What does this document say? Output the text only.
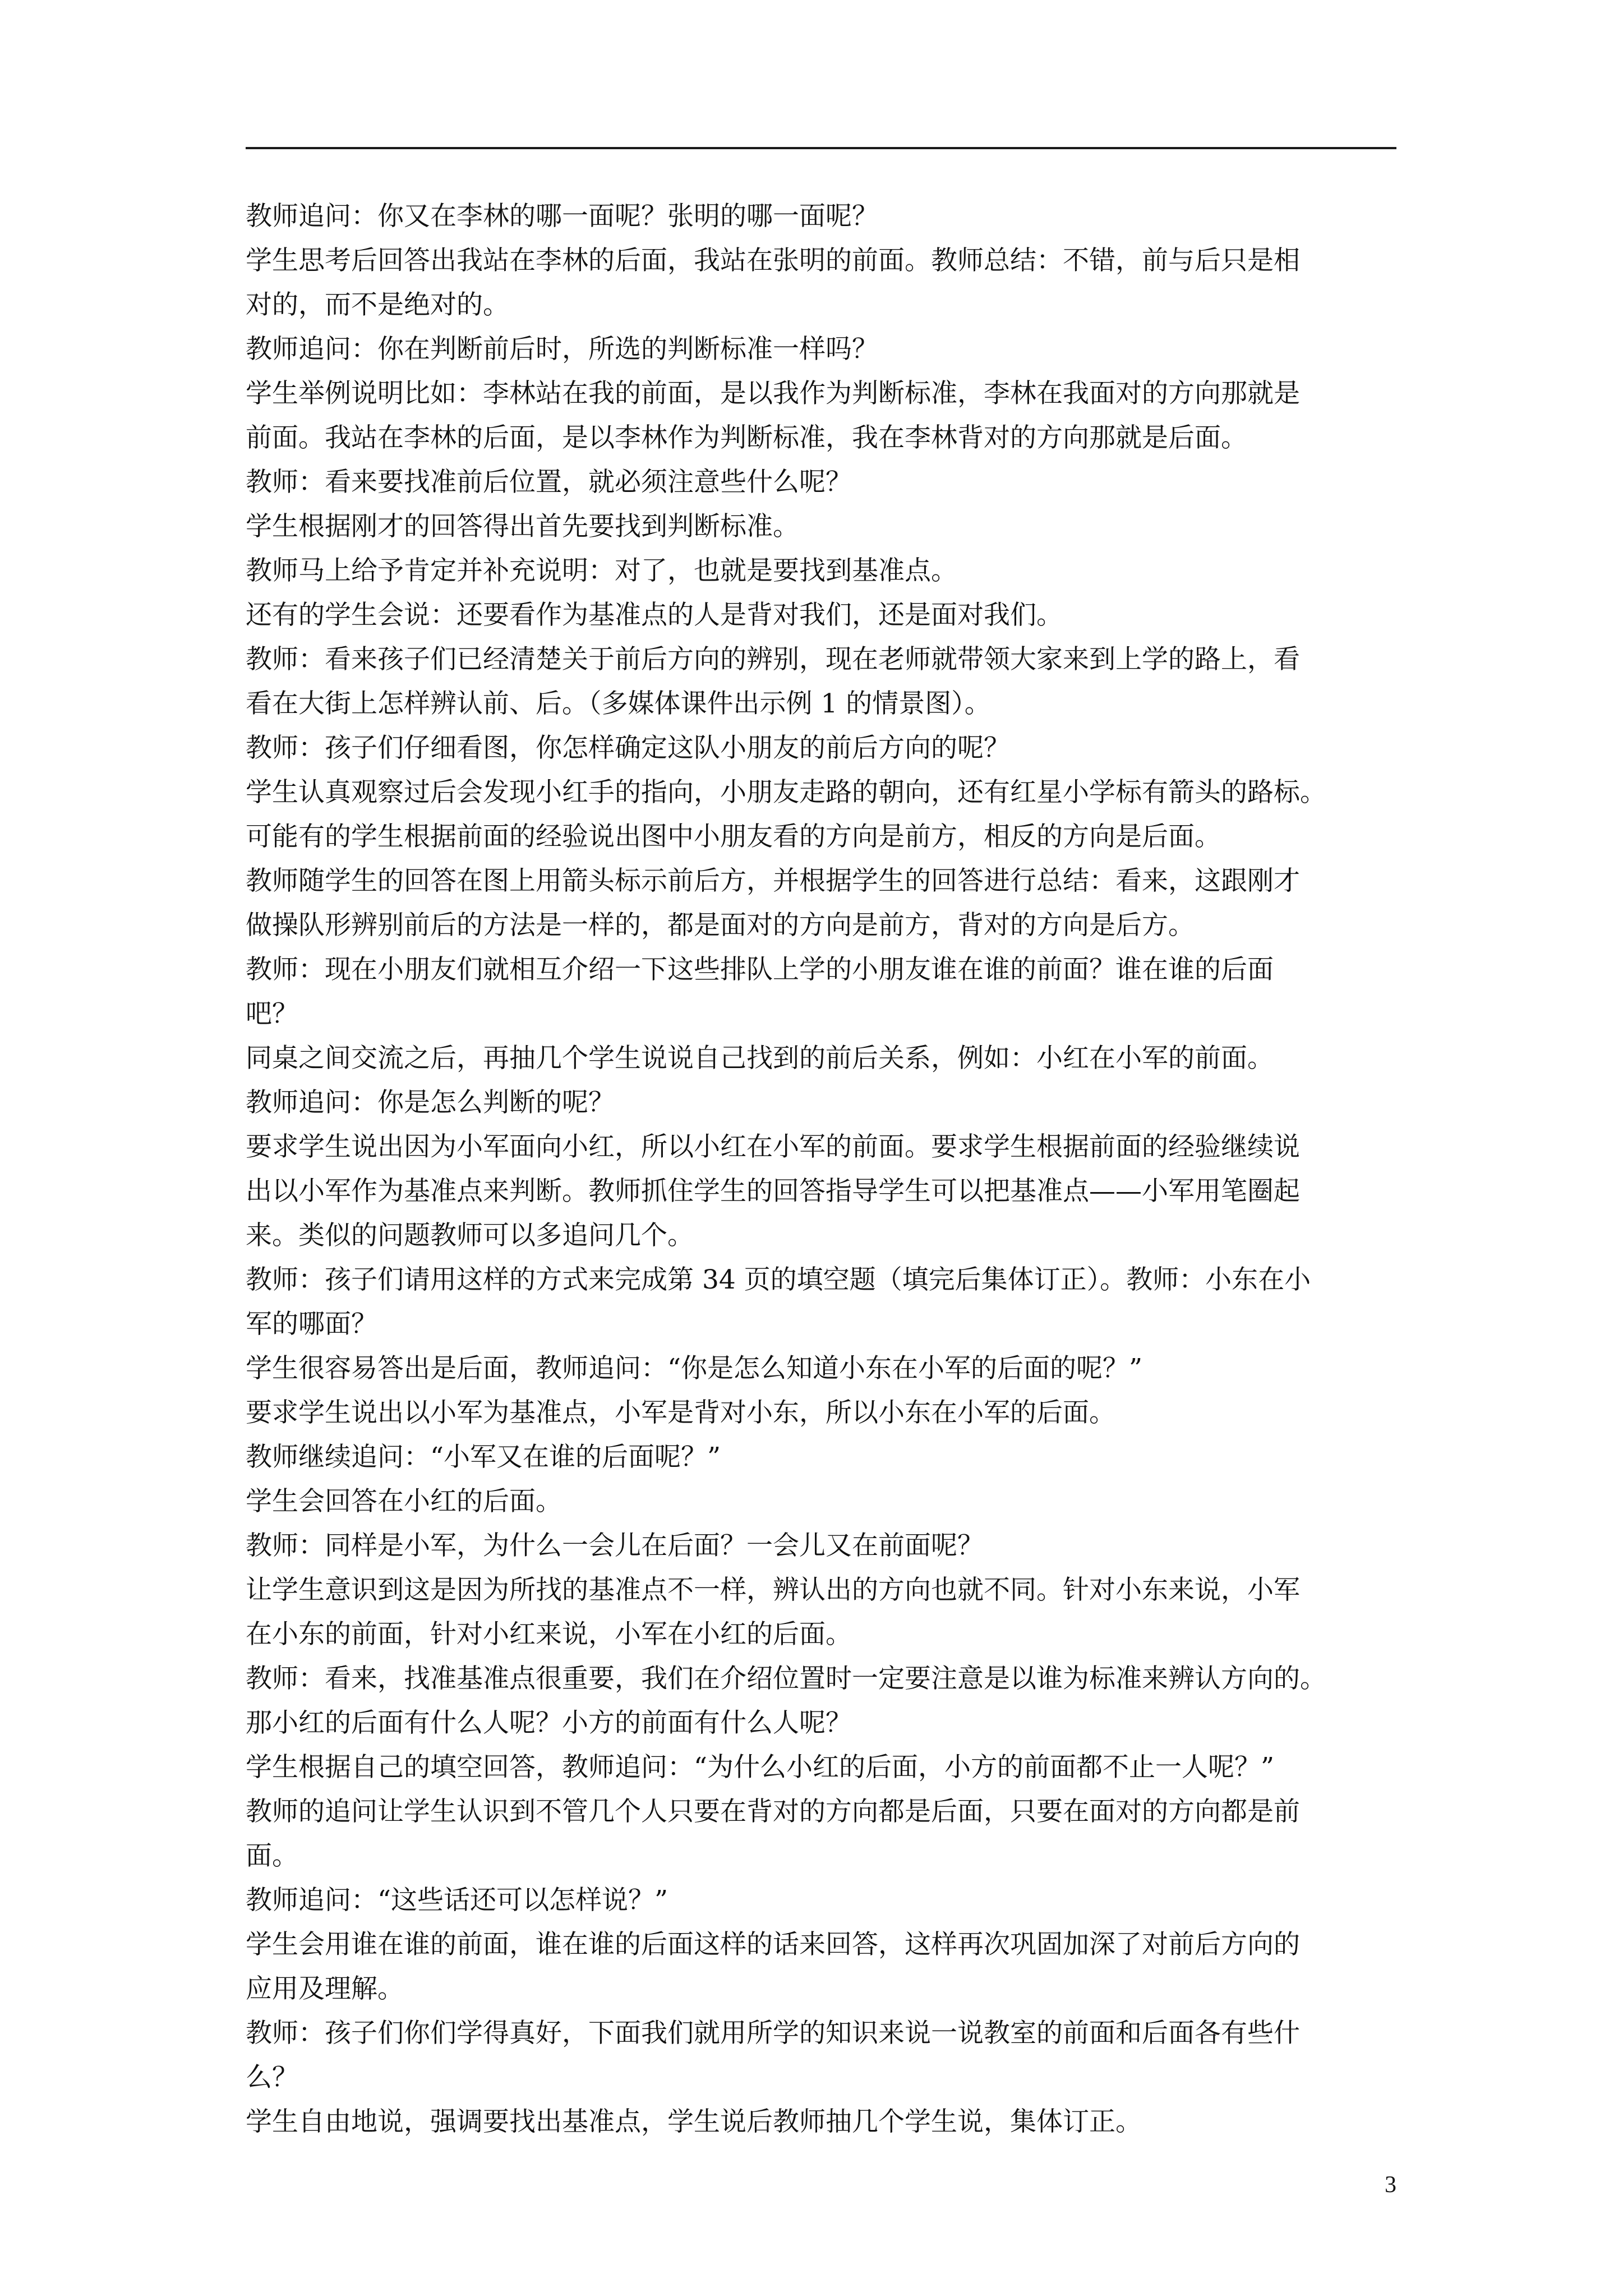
教师追问：你又在李林的哪一面呢？张明的哪一面呢？

学生思考后回答出我站在李林的后面，我站在张明的前面。教师总结：不错，前与后只是相

对的，而不是绝对的。

教师追问：你在判断前后时，所选的判断标准一样吗？

学生举例说明比如：李林站在我的前面，是以我作为判断标准，李林在我面对的方向那就是

前面。我站在李林的后面，是以李林作为判断标准，我在李林背对的方向那就是后面。

教师：看来要找准前后位置，就必须注意些什么呢？

学生根据刚才的回答得出首先要找到判断标准。

教师马上给予肯定并补充说明：对了，也就是要找到基准点。

还有的学生会说：还要看作为基准点的人是背对我们，还是面对我们。

教师：看来孩子们已经清楚关于前后方向的辨别，现在老师就带领大家来到上学的路上，看

看在大街上怎样辨认前、后。（多媒体课件出示例 1 的情景图）。

教师：孩子们仔细看图，你怎样确定这队小朋友的前后方向的呢？

学生认真观察过后会发现小红手的指向，小朋友走路的朝向，还有红星小学标有箭头的路标。

可能有的学生根据前面的经验说出图中小朋友看的方向是前方，相反的方向是后面。

教师随学生的回答在图上用箭头标示前后方，并根据学生的回答进行总结：看来，这跟刚才

做操队形辨别前后的方法是一样的，都是面对的方向是前方，背对的方向是后方。

教师：现在小朋友们就相互介绍一下这些排队上学的小朋友谁在谁的前面？谁在谁的后面

吧？

同桌之间交流之后，再抽几个学生说说自己找到的前后关系，例如：小红在小军的前面。

教师追问：你是怎么判断的呢？

要求学生说出因为小军面向小红，所以小红在小军的前面。要求学生根据前面的经验继续说

出以小军作为基准点来判断。教师抓住学生的回答指导学生可以把基准点——小军用笔圈起

来。类似的问题教师可以多追问几个。

教师：孩子们请用这样的方式来完成第 34 页的填空题（填完后集体订正）。教师：小东在小

军的哪面？

学生很容易答出是后面，教师追问：“你是怎么知道小东在小军的后面的呢？”

要求学生说出以小军为基准点，小军是背对小东，所以小东在小军的后面。

教师继续追问：“小军又在谁的后面呢？”

学生会回答在小红的后面。

教师：同样是小军，为什么一会儿在后面？一会儿又在前面呢？

让学生意识到这是因为所找的基准点不一样，辨认出的方向也就不同。针对小东来说，小军

在小东的前面，针对小红来说，小军在小红的后面。

教师：看来，找准基准点很重要，我们在介绍位置时一定要注意是以谁为标准来辨认方向的。

那小红的后面有什么人呢？小方的前面有什么人呢？

学生根据自己的填空回答，教师追问：“为什么小红的后面，小方的前面都不止一人呢？”

教师的追问让学生认识到不管几个人只要在背对的方向都是后面，只要在面对的方向都是前

面。

教师追问：“这些话还可以怎样说？”

学生会用谁在谁的前面，谁在谁的后面这样的话来回答，这样再次巩固加深了对前后方向的

应用及理解。

教师：孩子们你们学得真好，下面我们就用所学的知识来说一说教室的前面和后面各有些什

么？

学生自由地说，强调要找出基准点，学生说后教师抽几个学生说，集体订正。

3
